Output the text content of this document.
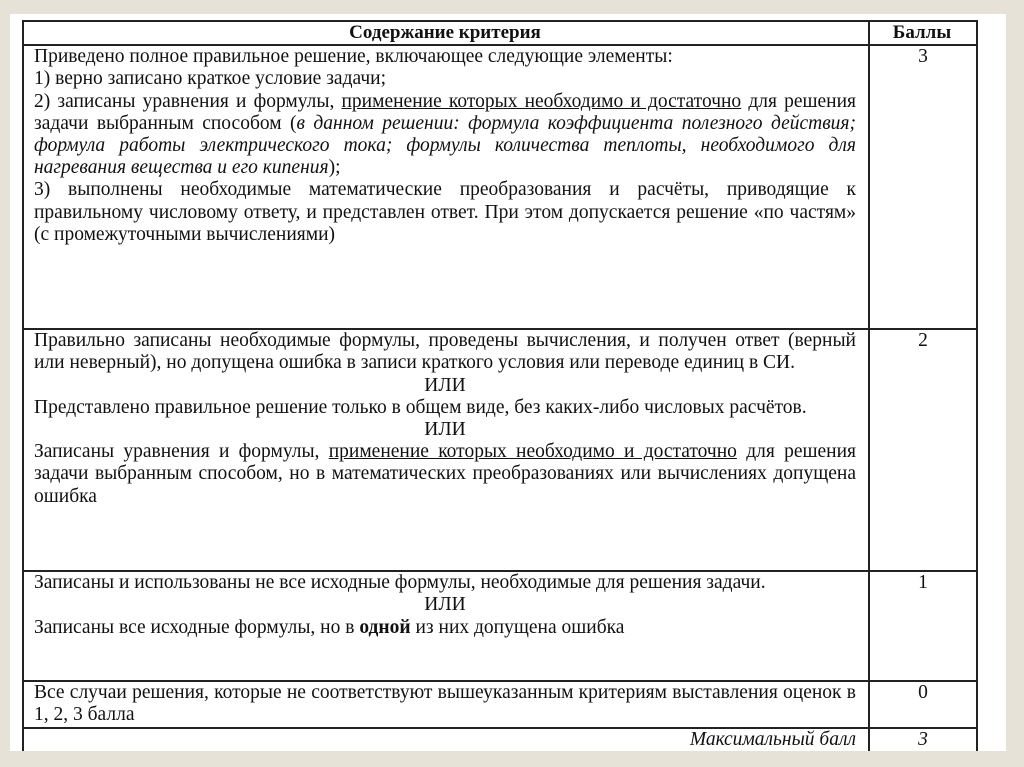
Содержание критерия	Баллы

Приведено полное правильное решение, включающее следующие элементы:

1) верно записано краткое условие задачи;

2) записаны уравнения и формулы, применение которых необходимо и достаточно для решения задачи выбранным способом (в данном решении: формула коэффициента полезного действия; формула работы электрического тока; формулы количества теплоты, необходимого для нагревания вещества и его кипения);

3) выполнены необходимые математические преобразования и расчёты, приводящие к правильному числовому ответу, и представлен ответ. При этом допускается решение «по частям» (с промежуточными вычислениями)	3

Правильно записаны необходимые формулы, проведены вычисления, и получен ответ (верный или неверный), но допущена ошибка в записи краткого условия или переводе единиц в СИ.

ИЛИ

Представлено правильное решение только в общем виде, без каких-либо числовых расчётов.

ИЛИ

Записаны уравнения и формулы, применение которых необходимо и достаточно для решения задачи выбранным способом, но в математических преобразованиях или вычислениях допущена ошибка	2

Записаны и использованы не все исходные формулы, необходимые для решения задачи.

ИЛИ

Записаны все исходные формулы, но в одной из них допущена ошибка	1

Все случаи решения, которые не соответствуют вышеуказанным критериям выставления оценок в 1, 2, 3 балла	0

Максимальный балл	3
